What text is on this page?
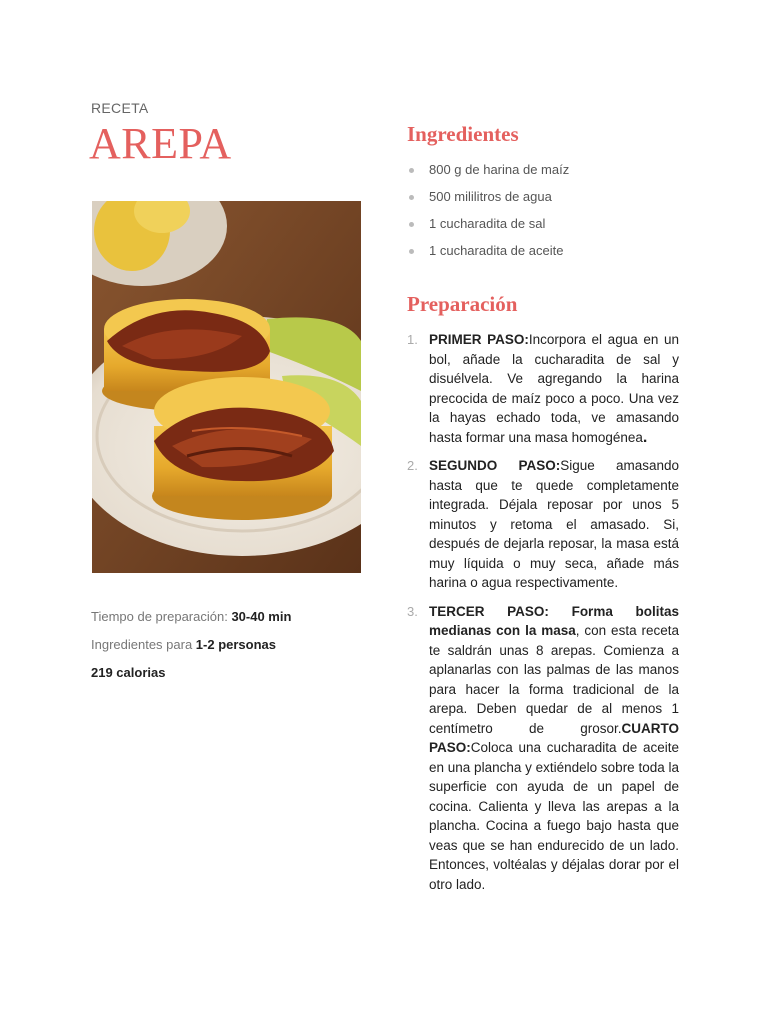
RECETA
AREPA
Tiempo de preparación: 30-40 min
Ingredientes para 1-2 personas
219 calorias
Ingredientes
800 g de harina de maíz
500 mililitros de agua
1 cucharadita de sal
1 cucharadita de aceite
Preparación
1. PRIMER PASO:Incorpora el agua en un bol, añade la cucharadita de sal y disuélvela. Ve agregando la harina precocida de maíz poco a poco. Una vez la hayas echado toda, ve amasando hasta formar una masa homogénea.

2. SEGUNDO PASO:Sigue amasando hasta que te quede completamente integrada. Déjala reposar por unos 5 minutos y retoma el amasado. Si, después de dejarla reposar, la masa está muy líquida o muy seca, añade más harina o agua respectivamente.

3. TERCER PASO: Forma bolitas medianas con la masa, con esta receta te saldrán unas 8 arepas. Comienza a aplanarlas con las palmas de las manos para hacer la forma tradicional de la arepa. Deben quedar de al menos 1 centímetro de grosor.CUARTO PASO:Coloca una cucharadita de aceite en una plancha y extiéndelo sobre toda la superficie con ayuda de un papel de cocina. Calienta y lleva las arepas a la plancha. Cocina a fuego bajo hasta que veas que se han endurecido de un lado. Entonces, voltéalas y déjalas dorar por el otro lado.
